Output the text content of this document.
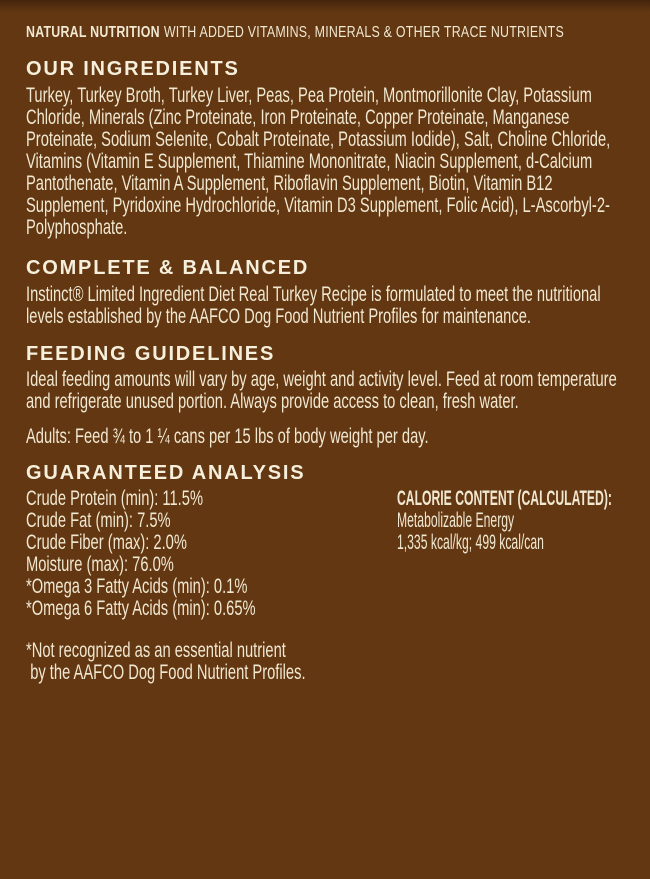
NATURAL NUTRITION WITH ADDED VITAMINS, MINERALS & OTHER TRACE NUTRIENTS
OUR INGREDIENTS

Turkey, Turkey Broth, Turkey Liver, Peas, Pea Protein, Montmorillonite Clay, Potassium Chloride, Minerals (Zinc Proteinate, Iron Proteinate, Copper Proteinate, Manganese Proteinate, Sodium Selenite, Cobalt Proteinate, Potassium Iodide), Salt, Choline Chloride, Vitamins (Vitamin E Supplement, Thiamine Mononitrate, Niacin Supplement, d-Calcium Pantothenate, Vitamin A Supplement, Riboflavin Supplement, Biotin, Vitamin B12 Supplement, Pyridoxine Hydrochloride, Vitamin D3 Supplement, Folic Acid), L-Ascorbyl-2-Polyphosphate.

COMPLETE & BALANCED

Instinct® Limited Ingredient Diet Real Turkey Recipe is formulated to meet the nutritional levels established by the AAFCO Dog Food Nutrient Profiles for maintenance.

FEEDING GUIDELINES

Ideal feeding amounts will vary by age, weight and activity level. Feed at room temperature and refrigerate unused portion. Always provide access to clean, fresh water.

Adults: Feed ¾ to 1 ¼ cans per 15 lbs of body weight per day.

GUARANTEED ANALYSIS
Crude Protein (min): 11.5%
Crude Fat (min): 7.5%
Crude Fiber (max): 2.0%
Moisture (max): 76.0%
*Omega 3 Fatty Acids (min): 0.1%
*Omega 6 Fatty Acids (min): 0.65%
CALORIE CONTENT (CALCULATED):
Metabolizable Energy
1,335 kcal/kg; 499 kcal/can
*Not recognized as an essential nutrient
by the AAFCO Dog Food Nutrient Profiles.
